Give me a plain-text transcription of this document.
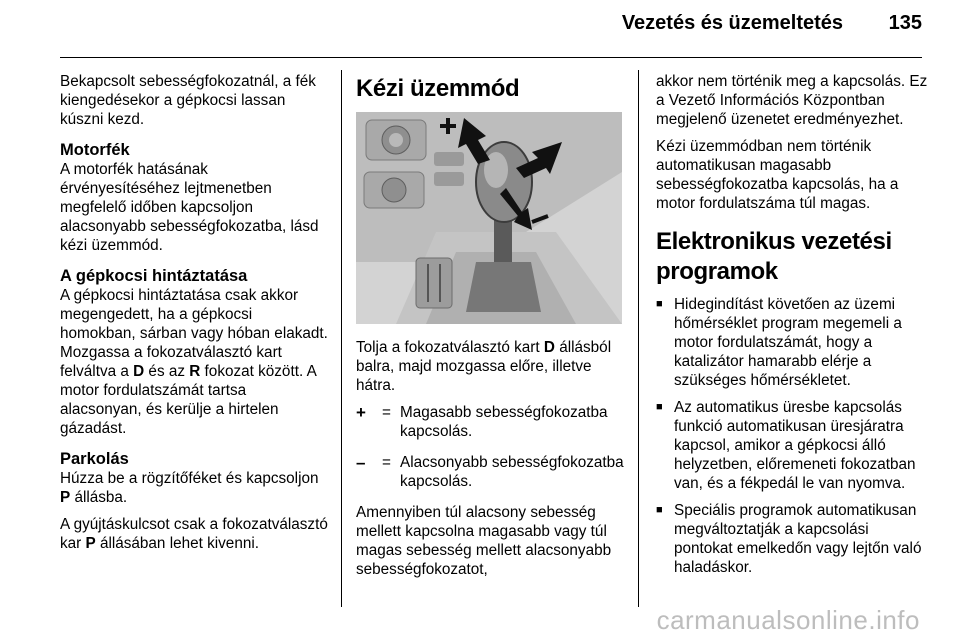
Vezetés és üzemeltetés 135

Bekapcsolt sebességfokozatnál, a fék kiengedésekor a gépkocsi lassan kúszni kezd.

Motorfék

A motorfék hatásának érvényesítéséhez lejtmenetben megfelelő időben kapcsoljon alacsonyabb sebességfokozatba, lásd kézi üzemmód.

A gépkocsi hintáztatása

A gépkocsi hintáztatása csak akkor megengedett, ha a gépkocsi homokban, sárban vagy hóban elakadt. Mozgassa a fokozatválasztó kart felváltva a D és az R fokozat között. A motor fordulatszámát tartsa alacsonyan, és kerülje a hirtelen gázadást.

Parkolás

Húzza be a rögzítőféket és kapcsoljon P állásba.

A gyújtáskulcsot csak a fokozatválasztó kar P állásában lehet kivenni.

Kézi üzemmód

Tolja a fokozatválasztó kart D állásból balra, majd mozgassa előre, illetve hátra.

+	= Magasabb sebességfokozatba kapcsolás.
–	= Alacsonyabb sebességfokozatba kapcsolás.

Amennyiben túl alacsony sebesség mellett kapcsolna magasabb vagy túl magas sebesség mellett alacsonyabb sebességfokozatot,

akkor nem történik meg a kapcsolás. Ez a Vezető Információs Központban megjelenő üzenetet eredményezhet.

Kézi üzemmódban nem történik automatikusan magasabb sebességfokozatba kapcsolás, ha a motor fordulatszáma túl magas.

Elektronikus vezetési programok
■ Hidegindítást követően az üzemi hőmérséklet program megemeli a motor fordulatszámát, hogy a katalizátor hamarabb elérje a szükséges hőmérsékletet.
■ Az automatikus üresbe kapcsolás funkció automatikusan üresjáratra kapcsol, amikor a gépkocsi álló helyzetben, előremeneti fokozatban van, és a fékpedál le van nyomva.
■ Speciális programok automatikusan megváltoztatják a kapcsolási pontokat emelkedőn vagy lejtőn való haladáskor.
carmanualsonline.info
